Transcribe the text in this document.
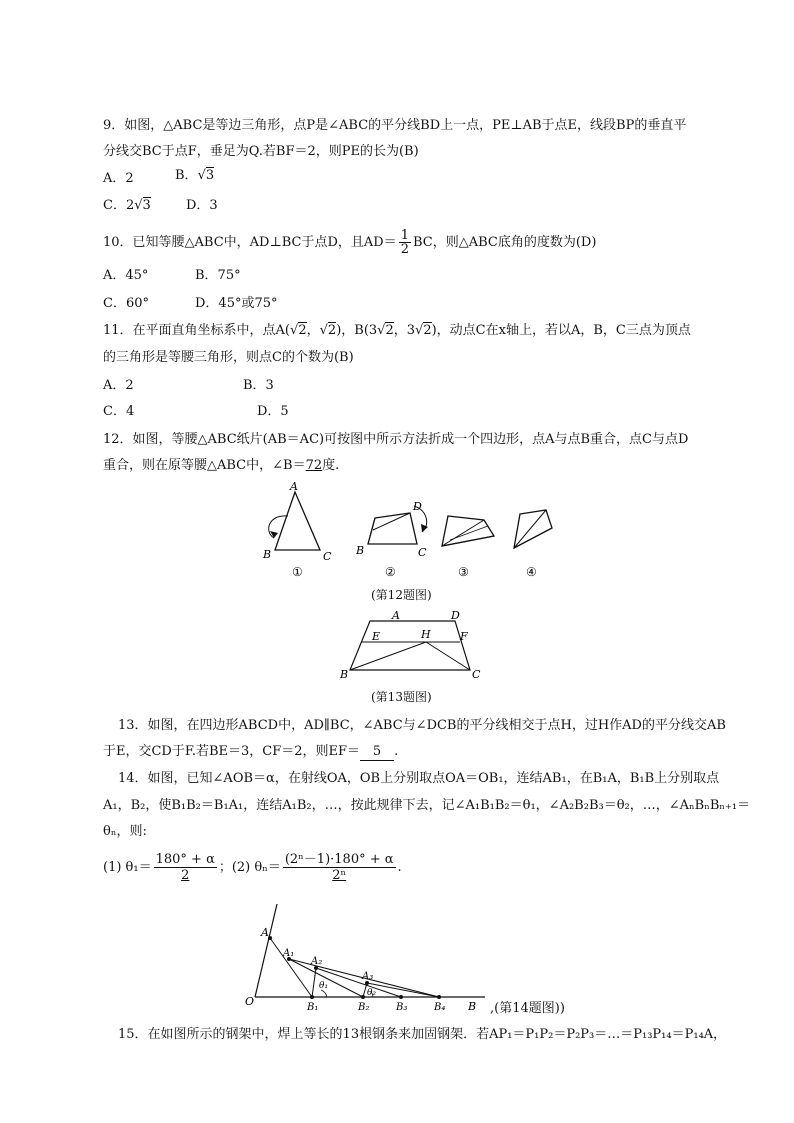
9．如图，△ABC是等边三角形，点P是∠ABC的平分线BD上一点，PE⊥AB于点E，线段BP的垂直平
分线交BC于点F，垂足为Q.若BF＝2，则PE的长为(B)
A．2	B．√3
C．2√3	D．3
10．已知等腰△ABC中，AD⊥BC于点D，且$AD= \frac{1}{2}$ BC，则△ABC底角的度数为(D)
A．45°	B．75°
C．60°	D．45°或75°
11．在平面直角坐标系中，点A(√2，√2)，B(3√2，3√2)，动点C在x轴上，若以A，B，C三点为顶点
的三角形是等腰三角形，则点C的个数为(B)
A．2	B．3
C．4	D．5
12．如图，等腰△ABC纸片(AB＝AC)可按图中所示方法折成一个四边形，点A与点B重合，点C与点D
重合，则在原等腰△ABC中，∠B＝72度.
A
B	C
D
B	C
①	②	③	④
(第12题图)
A	D
E	H	F
B	C
(第13题图)
13．如图，在四边形ABCD中，AD∥BC，∠ABC与∠DCB的平分线相交于点H，过H作AD的平分线交AB
于E，交CD于F.若BE＝3，CF＝2，则EF＝ 5 .
14．如图，已知∠AOB＝α，在射线OA，OB上分别取点OA＝OB₁，连结AB₁，在B₁A，B₁B上分别取点
A₁，B₂，使B₁B₂＝B₁A₁，连结A₁B₂，…，按此规律下去，记∠A₁B₁B₂＝θ₁，∠A₂B₂B₃＝θ₂，…，∠AₙBₙBₙ₊₁＝
θₙ，则:
(1) $\theta_1= \frac{180^\circ + \alpha}{2}$ ；(2) $\theta_n= \frac{\text{(2ⁿ－1)·180° + α}}{\text{2ⁿ}}$ .
A
A₁
A₂
A₃
θ₁
θ₂
O	B₁	B₂	B₃	B₄ B ,(第14题图))
15．在如图所示的钢架中，焊上等长的13根钢条来加固钢架．若AP₁＝P₁P₂＝P₂P₃＝…＝P₁₃P₁₄＝P₁₄A，
